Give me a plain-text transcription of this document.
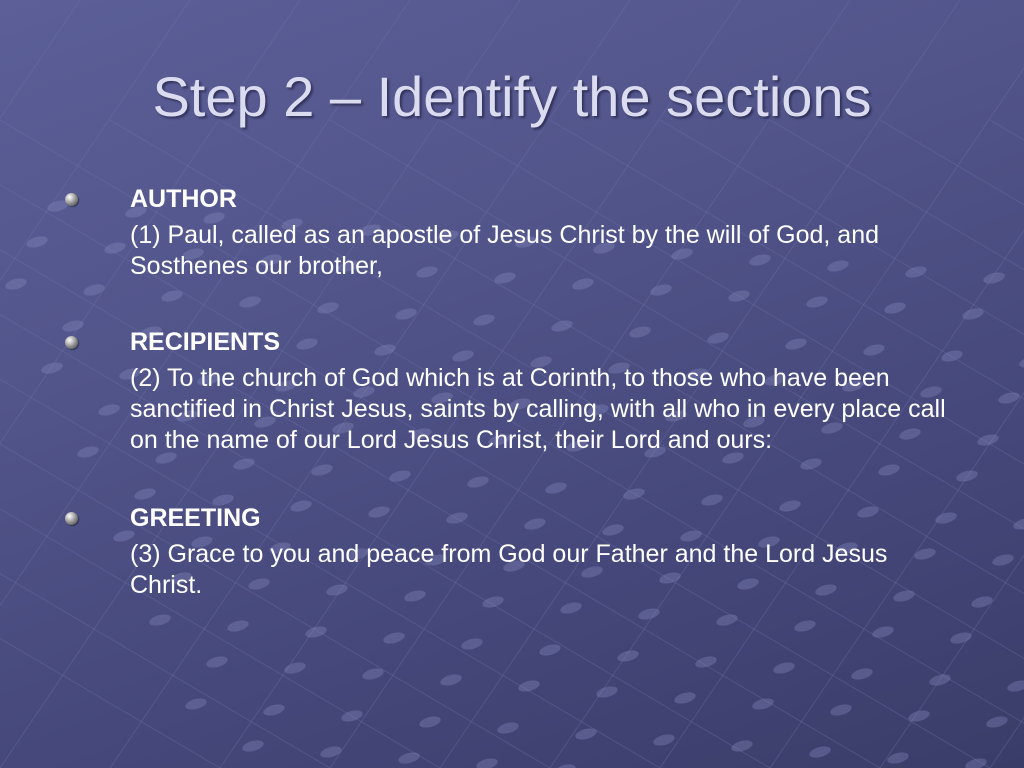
Step 2 – Identify the sections
AUTHOR

(1) Paul, called as an apostle of Jesus Christ by the will of God, and Sosthenes our brother,

RECIPIENTS

(2) To the church of God which is at Corinth, to those who have been sanctified in Christ Jesus, saints by calling, with all who in every place call on the name of our Lord Jesus Christ, their Lord and ours:

GREETING

(3) Grace to you and peace from God our Father and the Lord Jesus Christ.
